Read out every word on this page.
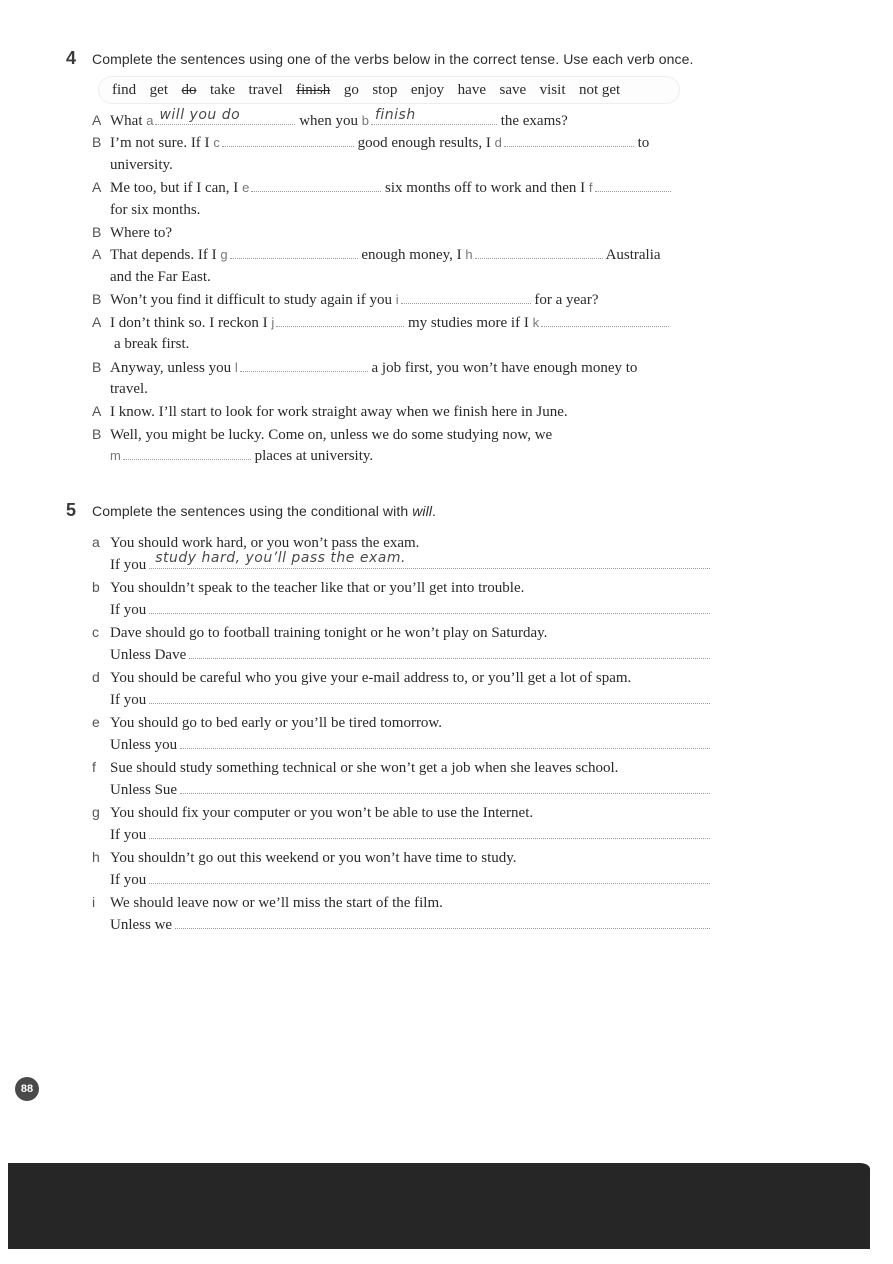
4	Complete the sentences using one of the verbs below in the correct tense. Use each verb once.
find get do take travel finish go stop enjoy have save visit not get
A What a will you do	when you b finish	the exams?
B I’m not sure. If I c	good enough results, I d	to
university.
A Me too, but if I can, I e	six months off to work and then I f
for six months.
B Where to?
A That depends. If I g	enough money, I h	Australia
and the Far East.
B Won’t you find it difficult to study again if you i	for a year?
A I don’t think so. I reckon I j	my studies more if I k
a break first.
B Anyway, unless you l	a job first, you won’t have enough money to
travel.
A I know. I’ll start to look for work straight away when we finish here in June.
B Well, you might be lucky. Come on, unless we do some studying now, we
m	places at university.
5	Complete the sentences using the conditional with will.
a You should work hard, or you won’t pass the exam.
If you study hard, you’ll pass the exam.
b You shouldn’t speak to the teacher like that or you’ll get into trouble.
If you
c Dave should go to football training tonight or he won’t play on Saturday.
Unless Dave
d You should be careful who you give your e-mail address to, or you’ll get a lot of spam.
If you
e You should go to bed early or you’ll be tired tomorrow.
Unless you
f Sue should study something technical or she won’t get a job when she leaves school.
Unless Sue
g You should fix your computer or you won’t be able to use the Internet.
If you
h You shouldn’t go out this weekend or you won’t have time to study.
If you
i We should leave now or we’ll miss the start of the film.
Unless we
88
